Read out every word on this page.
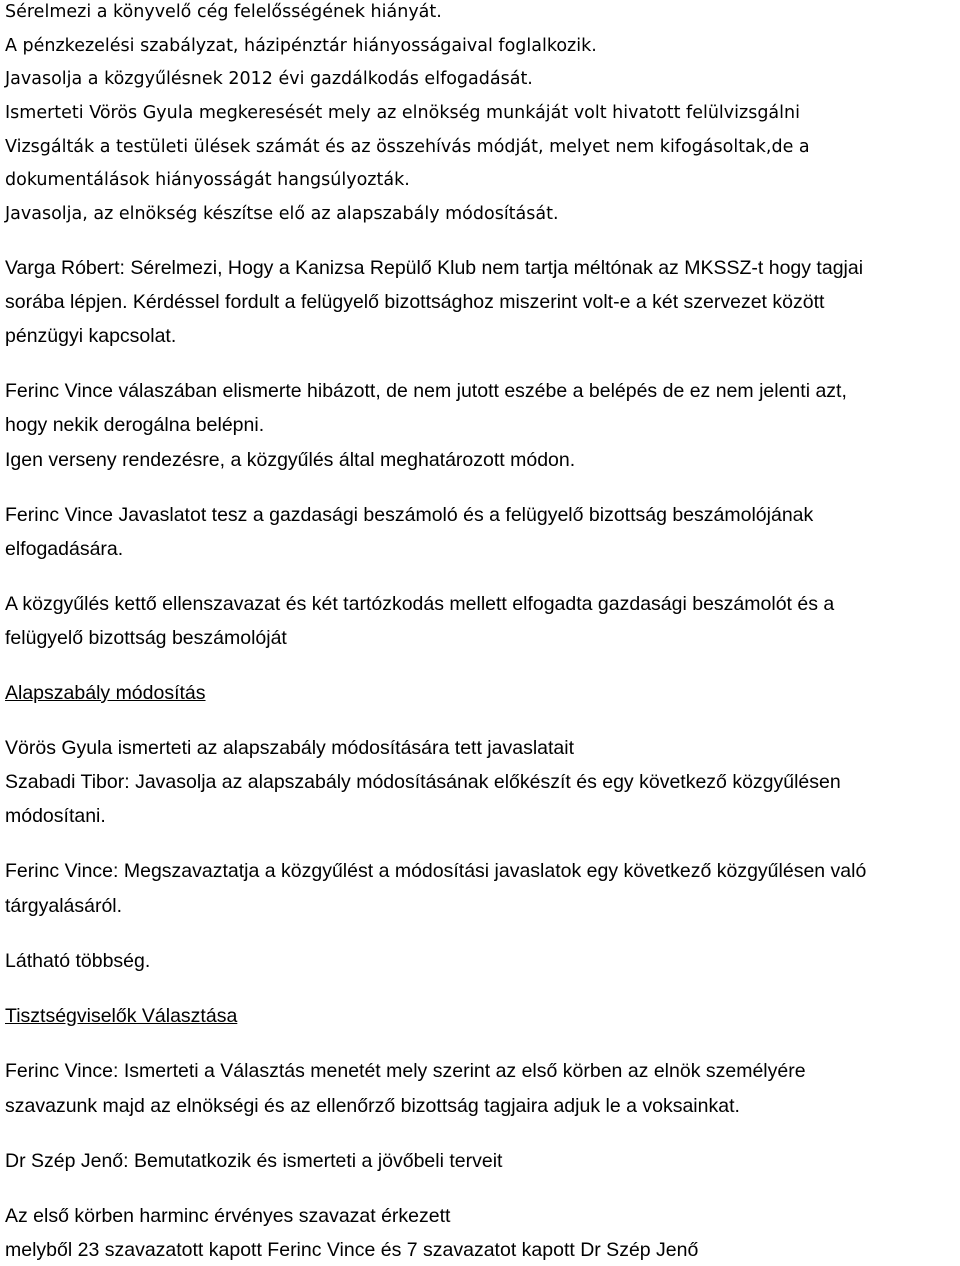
Sérelmezi a könyvelő cég felelősségének hiányát.
A pénzkezelési szabályzat, házipénztár hiányosságaival foglalkozik.
Javasolja a közgyűlésnek 2012 évi gazdálkodás elfogadását.
Ismerteti Vörös Gyula megkeresését mely az elnökség munkáját volt hivatott felülvizsgálni
Vizsgálták a testületi ülések számát és az összehívás módját, melyet nem kifogásoltak,de a
dokumentálások hiányosságát hangsúlyozták.
Javasolja, az elnökség készítse elő az alapszabály módosítását.
Varga Róbert: Sérelmezi, Hogy a Kanizsa Repülő Klub nem tartja méltónak az MKSSZ-t hogy tagjai
sorába lépjen. Kérdéssel fordult a felügyelő bizottsághoz miszerint volt-e a két szervezet között
pénzügyi kapcsolat.
Ferinc Vince válaszában elismerte hibázott, de nem jutott eszébe a belépés de ez nem jelenti azt,
hogy nekik derogálna belépni.
Igen verseny rendezésre, a közgyűlés által meghatározott módon.
Ferinc Vince Javaslatot tesz a gazdasági beszámoló és a felügyelő bizottság beszámolójának
elfogadására.
A közgyűlés kettő ellenszavazat és két tartózkodás mellett elfogadta gazdasági beszámolót és a
felügyelő bizottság beszámolóját
Alapszabály módosítás
Vörös Gyula ismerteti az alapszabály módosítására tett javaslatait
Szabadi Tibor: Javasolja az alapszabály módosításának előkészít és egy következő közgyűlésen
módosítani.
Ferinc Vince: Megszavaztatja a közgyűlést a módosítási javaslatok egy következő közgyűlésen való
tárgyalásáról.
Látható többség.
Tisztségviselők Választása
Ferinc Vince: Ismerteti a Választás menetét mely szerint az első körben az elnök személyére
szavazunk majd az elnökségi és az ellenőrző bizottság tagjaira adjuk le a voksainkat.
Dr Szép Jenő: Bemutatkozik és ismerteti a jövőbeli terveit
Az első körben harminc érvényes szavazat érkezett
melyből 23 szavazatott kapott Ferinc Vince és 7 szavazatot kapott Dr Szép Jenő
